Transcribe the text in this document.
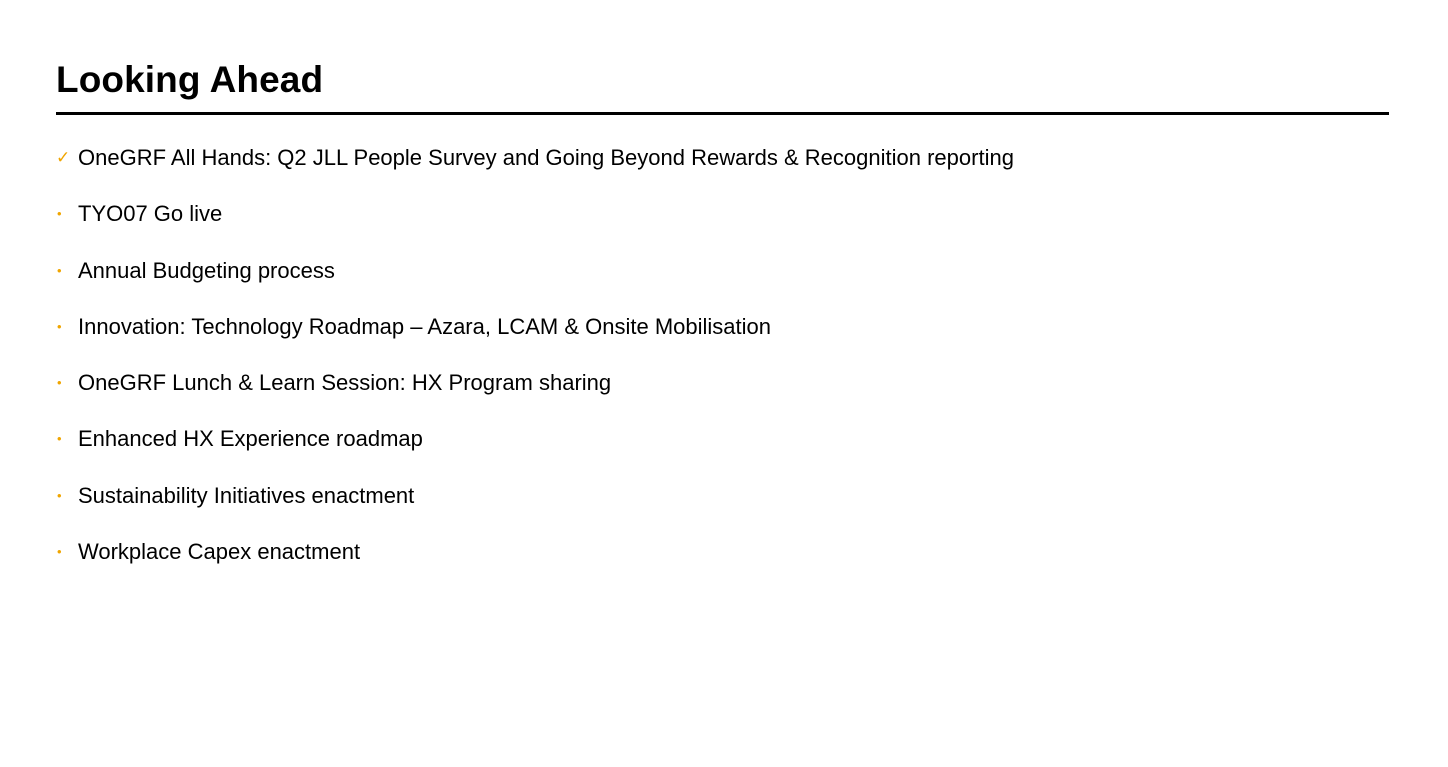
Looking Ahead
✓ OneGRF All Hands: Q2 JLL People Survey and Going Beyond Rewards & Recognition reporting
• TYO07 Go live
• Annual Budgeting process
• Innovation: Technology Roadmap – Azara, LCAM & Onsite Mobilisation
• OneGRF Lunch & Learn Session: HX Program sharing
• Enhanced HX Experience roadmap
• Sustainability Initiatives enactment
• Workplace Capex enactment
